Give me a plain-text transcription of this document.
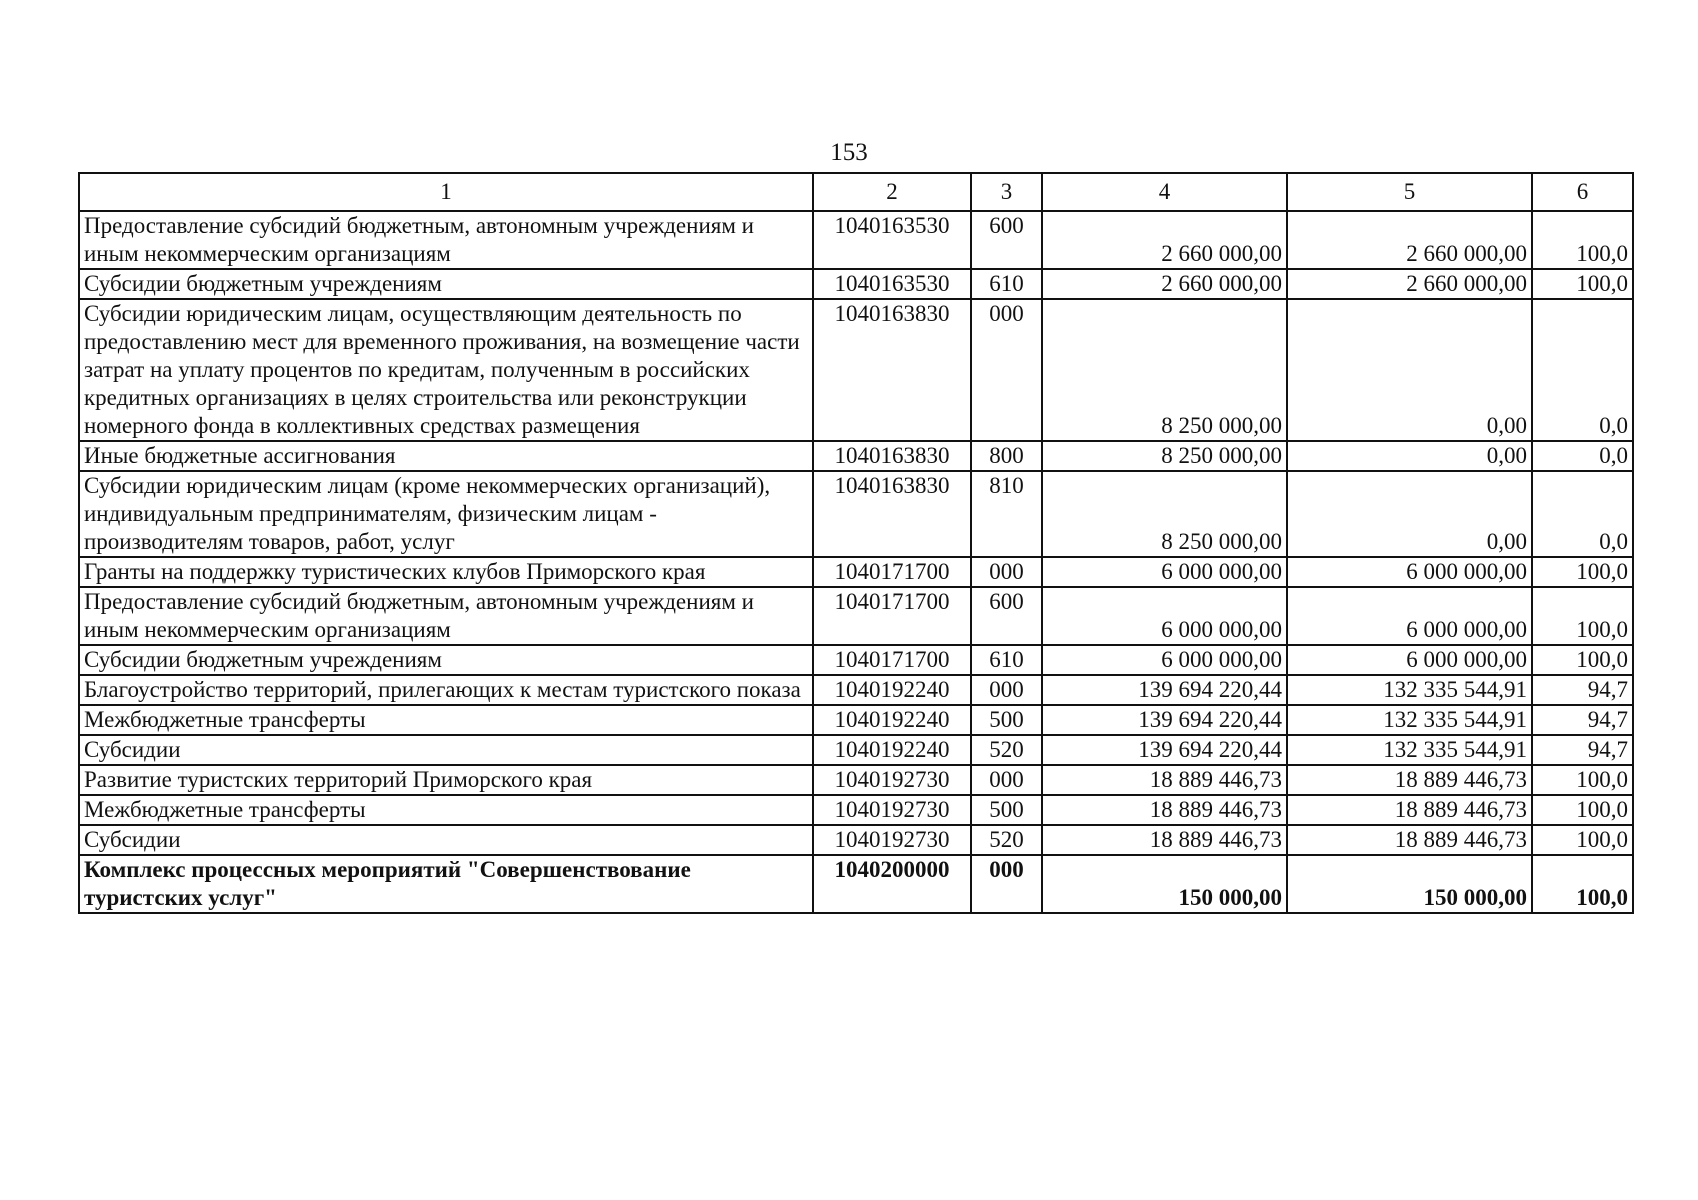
153
1	2	3	4	5	6
Предоставление субсидий бюджетным, автономным учреждениям и иным некоммерческим организациям	1040163530	600	2 660 000,00	2 660 000,00	100,0
Субсидии бюджетным учреждениям	1040163530	610	2 660 000,00	2 660 000,00	100,0
Субсидии юридическим лицам, осуществляющим деятельность по предоставлению мест для временного проживания, на возмещение части затрат на уплату процентов по кредитам, полученным в российских кредитных организациях в целях строительства или реконструкции номерного фонда в коллективных средствах размещения	1040163830	000	8 250 000,00	0,00	0,0
Иные бюджетные ассигнования	1040163830	800	8 250 000,00	0,00	0,0
Субсидии юридическим лицам (кроме некоммерческих организаций), индивидуальным предпринимателям, физическим лицам - производителям товаров, работ, услуг	1040163830	810	8 250 000,00	0,00	0,0
Гранты на поддержку туристических клубов Приморского края	1040171700	000	6 000 000,00	6 000 000,00	100,0
Предоставление субсидий бюджетным, автономным учреждениям и иным некоммерческим организациям	1040171700	600	6 000 000,00	6 000 000,00	100,0
Субсидии бюджетным учреждениям	1040171700	610	6 000 000,00	6 000 000,00	100,0
Благоустройство территорий, прилегающих к местам туристского показа	1040192240	000	139 694 220,44	132 335 544,91	94,7
Межбюджетные трансферты	1040192240	500	139 694 220,44	132 335 544,91	94,7
Субсидии	1040192240	520	139 694 220,44	132 335 544,91	94,7
Развитие туристских территорий Приморского края	1040192730	000	18 889 446,73	18 889 446,73	100,0
Межбюджетные трансферты	1040192730	500	18 889 446,73	18 889 446,73	100,0
Субсидии	1040192730	520	18 889 446,73	18 889 446,73	100,0
Комплекс процессных мероприятий "Совершенствование туристских услуг"	1040200000	000	150 000,00	150 000,00	100,0
